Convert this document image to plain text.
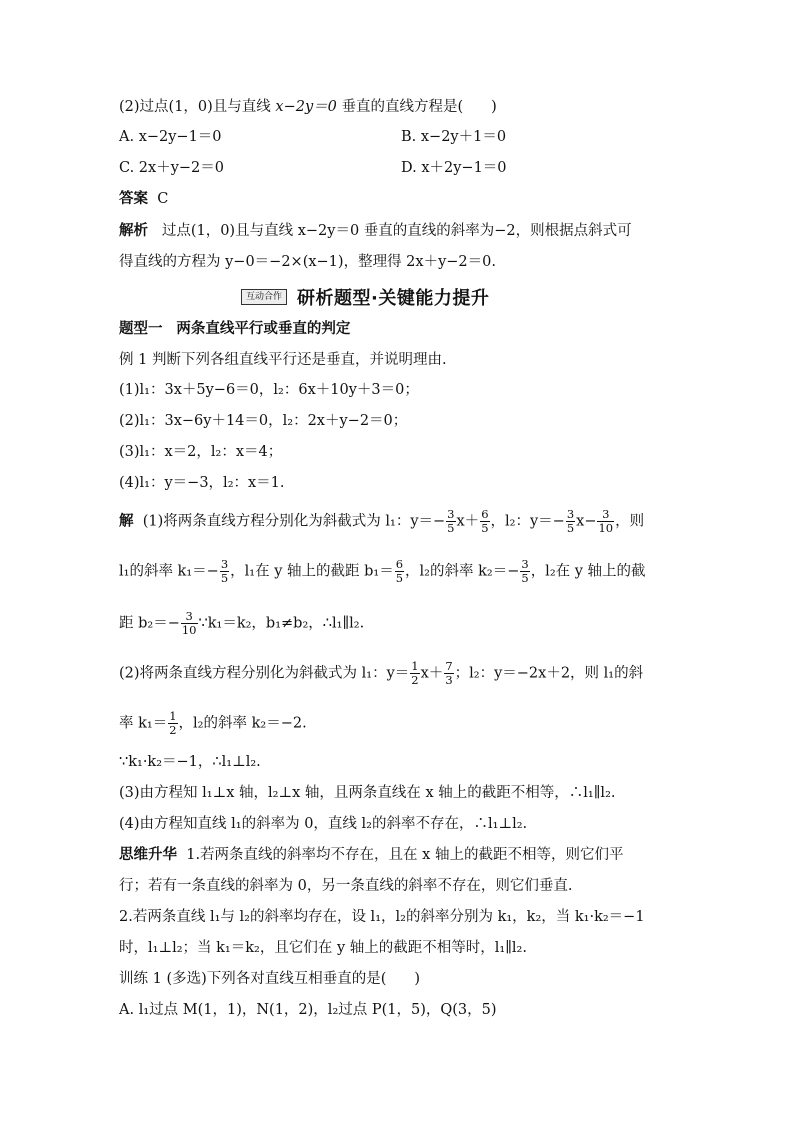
(2)过点(1，0)且与直线 x−2y＝0 垂直的直线方程是( )
A. x−2y−1＝0	B. x−2y＋1＝0
C. 2x＋y−2＝0	D. x＋2y−1＝0
答案 C
解析 过点(1，0)且与直线 x−2y＝0 垂直的直线的斜率为−2，则根据点斜式可
得直线的方程为 y−0＝−2×(x−1)，整理得 2x＋y−2＝0.
互动合作 研析题型·关键能力提升
题型一 两条直线平行或垂直的判定
例 1 判断下列各组直线平行还是垂直，并说明理由.
(1)l₁：3x＋5y−6＝0，l₂：6x＋10y＋3＝0；
(2)l₁：3x−6y＋14＝0，l₂：2x＋y−2＝0；
(3)l₁：x＝2，l₂：x＝4；
(4)l₁：y＝−3，l₂：x＝1.
解 (1)将两条直线方程分别化为斜截式为 l₁：$y=- \frac{3}{5} x+ \frac{6}{5}$ ，l₂：$y=- \frac{3}{5} x- \frac{3}{10}$ ，则
l₁的斜率 $k_1=- \frac{3}{5}$ ，l₁在 y 轴上的截距 $b_1= \frac{6}{5}$ ，l₂的斜率 $k_2=- \frac{3}{5}$ ，l₂在 y 轴上的截
距 $b_2=- \frac{3}{10}$ ∵k₁＝k₂，b₁≠b₂，∴l₁∥l₂.
(2)将两条直线方程分别化为斜截式为 l₁：$y= \frac{1}{2} x+ \frac{7}{3}$ ；l₂：y＝−2x＋2，则 l₁的斜
率 $k_1= \frac{1}{2}$ ，l₂的斜率 k₂＝−2.
∵k₁·k₂＝−1，∴l₁⊥l₂.
(3)由方程知 l₁⊥x 轴，l₂⊥x 轴，且两条直线在 x 轴上的截距不相等，∴l₁∥l₂.
(4)由方程知直线 l₁的斜率为 0，直线 l₂的斜率不存在，∴l₁⊥l₂.
思维升华 1.若两条直线的斜率均不存在，且在 x 轴上的截距不相等，则它们平
行；若有一条直线的斜率为 0，另一条直线的斜率不存在，则它们垂直.
2.若两条直线 l₁与 l₂的斜率均存在，设 l₁，l₂的斜率分别为 k₁，k₂，当 k₁·k₂＝−1
时，l₁⊥l₂；当 k₁＝k₂，且它们在 y 轴上的截距不相等时，l₁∥l₂.
训练 1 (多选)下列各对直线互相垂直的是( )
A. l₁过点 M(1，1)，N(1，2)，l₂过点 P(1，5)，Q(3，5)
